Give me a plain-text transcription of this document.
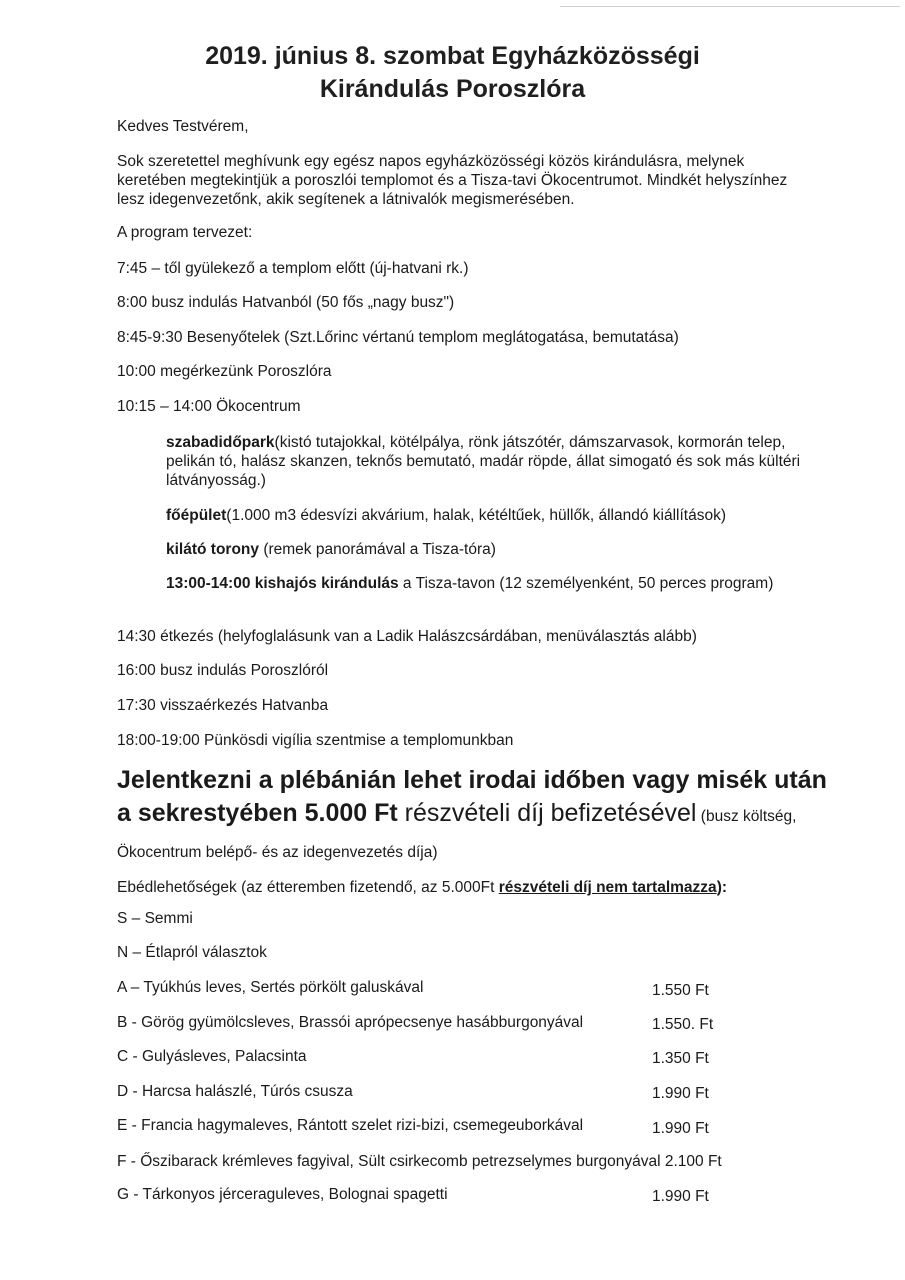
2019. június 8. szombat Egyházközösségi
Kirándulás Poroszlóra

Kedves Testvérem,

Sok szeretettel meghívunk egy egész napos egyházközösségi közös kirándulásra, melynek keretében megtekintjük a poroszlói templomot és a Tisza-tavi Ökocentrumot. Mindkét helyszínhez lesz idegenvezetőnk, akik segítenek a látnivalók megismerésében.

A program tervezet:

7:45 – től gyülekező a templom előtt (új-hatvani rk.)

8:00 busz indulás Hatvanból (50 fős „nagy busz")

8:45-9:30 Besenyőtelek (Szt.Lőrinc vértanú templom meglátogatása, bemutatása)

10:00 megérkezünk Poroszlóra

10:15 – 14:00 Ökocentrum

szabadidőpark(kistó tutajokkal, kötélpálya, rönk játszótér, dámszarvasok, kormorán telep, pelikán tó, halász skanzen, teknős bemutató, madár röpde, állat simogató és sok más kültéri látványosság.)

főépület(1.000 m3 édesvízi akvárium, halak, kétéltűek, hüllők, állandó kiállítások)

kilátó torony (remek panorámával a Tisza-tóra)

13:00-14:00 kishajós kirándulás a Tisza-tavon (12 személyenként, 50 perces program)

14:30 étkezés (helyfoglalásunk van a Ladik Halászcsárdában, menüválasztás alább)

16:00 busz indulás Poroszlóról

17:30 visszaérkezés Hatvanba

18:00-19:00 Pünkösdi vigília szentmise a templomunkban

Jelentkezni a plébánián lehet irodai időben vagy misék után a sekrestyében 5.000 Ft részvételi díj befizetésével (busz költség, Ökocentrum belépő- és az idegenvezetés díja)

Ebédlehetőségek (az étteremben fizetendő, az 5.000Ft részvételi díj nem tartalmazza):

S – Semmi
N – Étlapról választok
A – Tyúkhús leves, Sertés pörkölt galuskával	1.550 Ft
B - Görög gyümölcsleves, Brassói aprópecsenye hasábburgonyával	1.550. Ft
C - Gulyásleves, Palacsinta	1.350 Ft
D - Harcsa halászlé, Túrós csusza	1.990 Ft
E - Francia hagymaleves, Rántott szelet rizi-bizi, csemegeuborkával	1.990 Ft
F - Őszibarack krémleves fagyival, Sült csirkecomb petrezselymes burgonyával 2.100 Ft
G - Tárkonyos jérceraguleves, Bolognai spagetti	1.990 Ft
